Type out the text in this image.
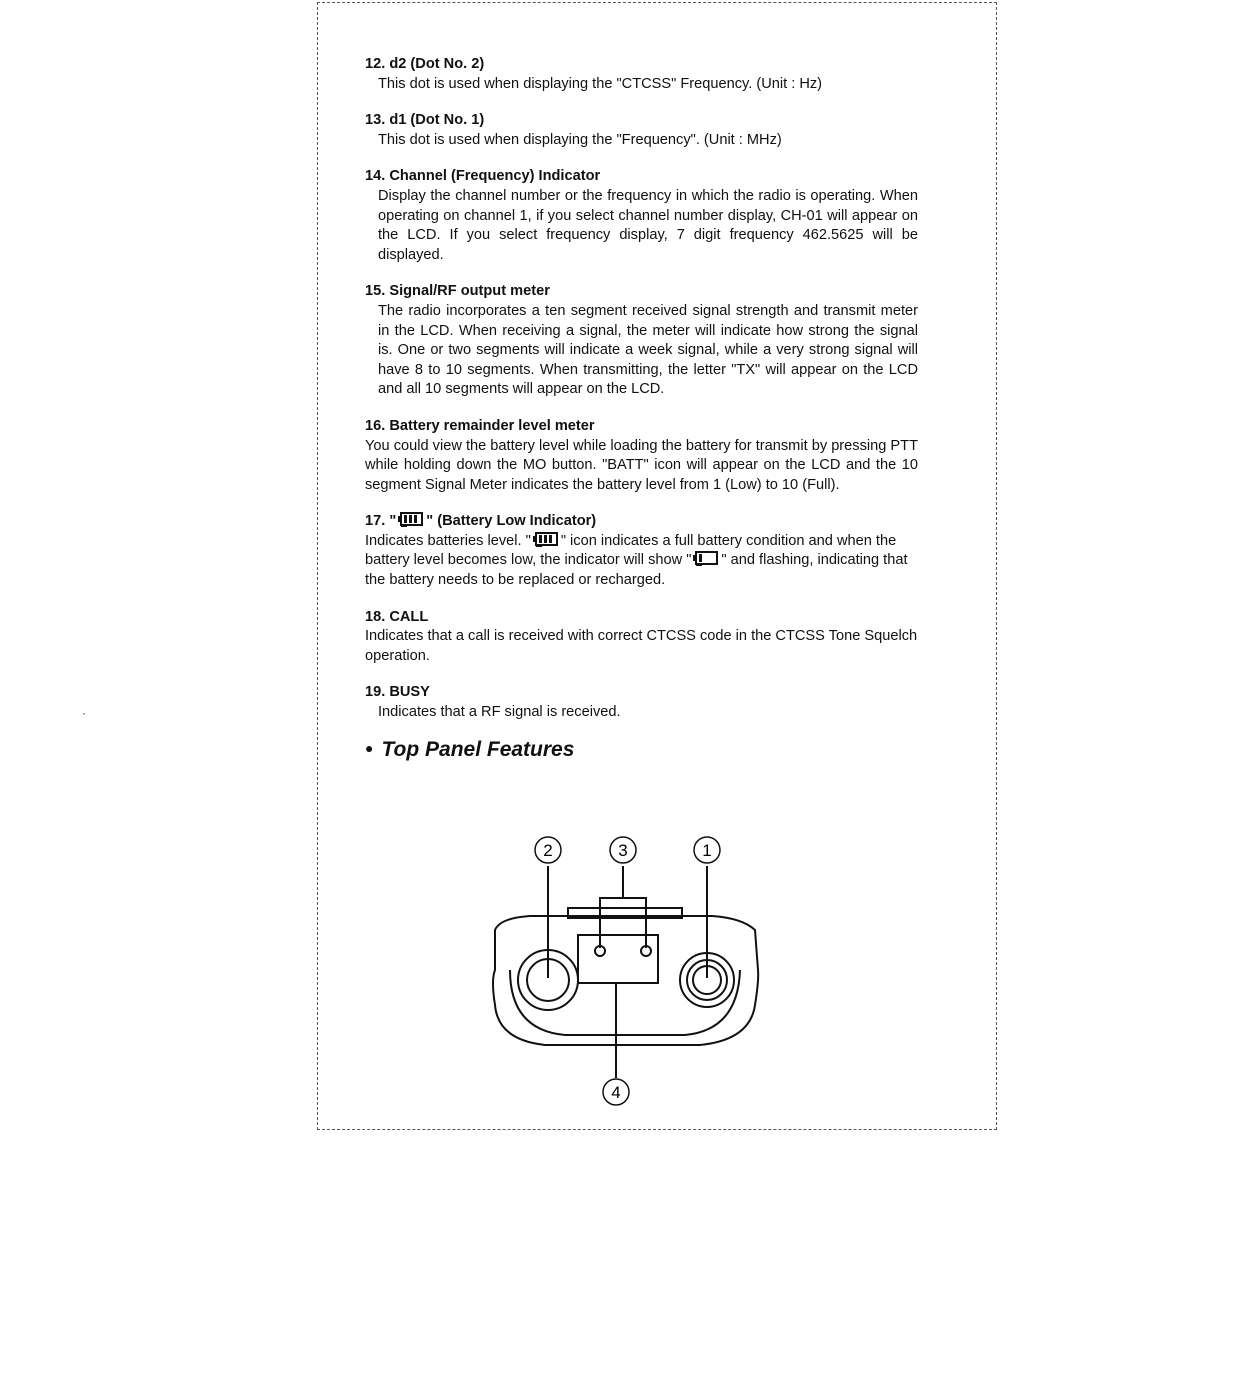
·

12. d2 (Dot No. 2)

This dot is used when displaying the "CTCSS" Frequency. (Unit : Hz)

13. d1 (Dot No. 1)

This dot is used when displaying the "Frequency". (Unit : MHz)

14. Channel (Frequency) Indicator

Display the channel number or the frequency in which the radio is operating. When operating on channel 1, if you select channel number display, CH-01 will appear on the LCD. If you select frequency display, 7 digit frequency 462.5625 will be displayed.

15. Signal/RF output meter

The radio incorporates a ten segment received signal strength and transmit meter in the LCD. When receiving a signal, the meter will indicate how strong the signal is. One or two segments will indicate a week signal, while a very strong signal will have 8 to 10 segments. When transmitting, the letter "TX" will appear on the LCD and all 10 segments will appear on the LCD.

16. Battery remainder level meter

You could view the battery level while loading the battery for transmit by pressing PTT while holding down the MO button. "BATT" icon will appear on the LCD and the 10 segment Signal Meter indicates the battery level from 1 (Low) to 10 (Full).

17. " " (Battery Low Indicator)

Indicates batteries level. " " icon indicates a full battery condition and when the battery level becomes low, the indicator will show " " and flashing, indicating that the battery needs to be replaced or recharged.

18. CALL

Indicates that a call is received with correct CTCSS code in the CTCSS Tone Squelch operation.

19. BUSY

Indicates that a RF signal is received.

● Top Panel Features

2	3	1
4
